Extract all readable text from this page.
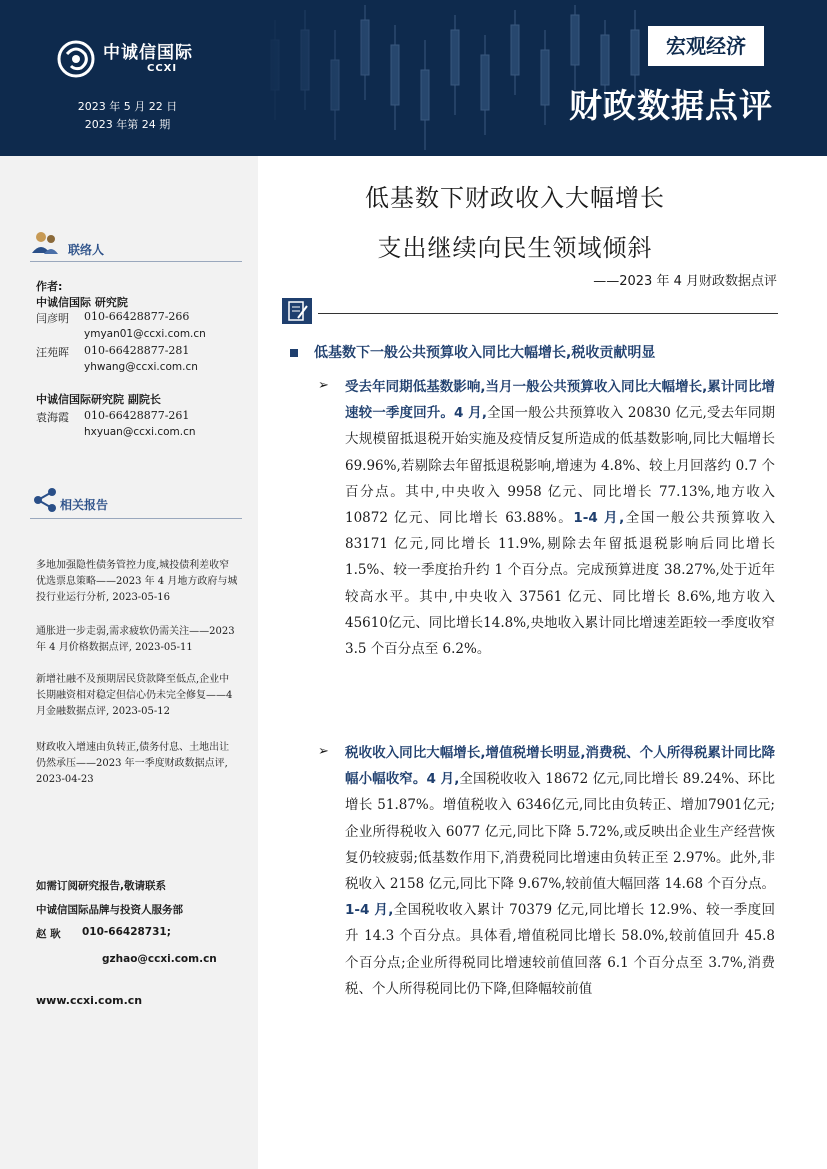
中诚信国际
CCXI
2023 年 5 月 22 日
2023 年第 24 期
宏观经济
财政数据点评
联络人
作者:
中诚信国际 研究院
闫彦明 010-66428877-266
ymyan01@ccxi.com.cn
汪苑晖 010-66428877-281
yhwang@ccxi.com.cn
中诚信国际研究院 副院长
袁海霞 010-66428877-261
hxyuan@ccxi.com.cn
相关报告
多地加强隐性债务管控力度,城投债利差收窄优选票息策略——2023 年 4 月地方政府与城投行业运行分析, 2023-05-16
通胀进一步走弱,需求疲软仍需关注——2023 年 4 月价格数据点评, 2023-05-11
新增社融不及预期居民贷款降至低点,企业中长期融资相对稳定但信心仍未完全修复——4 月金融数据点评, 2023-05-12
财政收入增速由负转正,债务付息、土地出让仍然承压——2023 年一季度财政数据点评, 2023-04-23
如需订阅研究报告,敬请联系
中诚信国际品牌与投资人服务部
赵 耿 010-66428731;
gzhao@ccxi.com.cn
www.ccxi.com.cn
低基数下财政收入大幅增长
支出继续向民生领域倾斜
——2023 年 4 月财政数据点评
低基数下一般公共预算收入同比大幅增长,税收贡献明显
➢ 受去年同期低基数影响,当月一般公共预算收入同比大幅增长,累计同比增速较一季度回升。4 月,全国一般公共预算收入 20830 亿元,受去年同期大规模留抵退税开始实施及疫情反复所造成的低基数影响,同比大幅增长 69.96%,若剔除去年留抵退税影响,增速为 4.8%、较上月回落约 0.7 个百分点。其中,中央收入 9958 亿元、同比增长 77.13%,地方收入 10872 亿元、同比增长 63.88%。1-4 月,全国一般公共预算收入 83171 亿元,同比增长 11.9%,剔除去年留抵退税影响后同比增长 1.5%、较一季度抬升约 1 个百分点。完成预算进度 38.27%,处于近年较高水平。其中,中央收入 37561 亿元、同比增长 8.6%,地方收入 45610亿元、同比增长14.8%,央地收入累计同比增速差距较一季度收窄 3.5 个百分点至 6.2%。
➢ 税收收入同比大幅增长,增值税增长明显,消费税、个人所得税累计同比降幅小幅收窄。4 月,全国税收收入 18672 亿元,同比增长 89.24%、环比增长 51.87%。增值税收入 6346亿元,同比由负转正、增加7901亿元;企业所得税收入 6077 亿元,同比下降 5.72%,或反映出企业生产经营恢复仍较疲弱;低基数作用下,消费税同比增速由负转正至 2.97%。此外,非税收入 2158 亿元,同比下降 9.67%,较前值大幅回落 14.68 个百分点。1-4 月,全国税收收入累计 70379 亿元,同比增长 12.9%、较一季度回升 14.3 个百分点。具体看,增值税同比增长 58.0%,较前值回升 45.8 个百分点;企业所得税同比增速较前值回落 6.1 个百分点至 3.7%,消费税、个人所得税同比仍下降,但降幅较前值
